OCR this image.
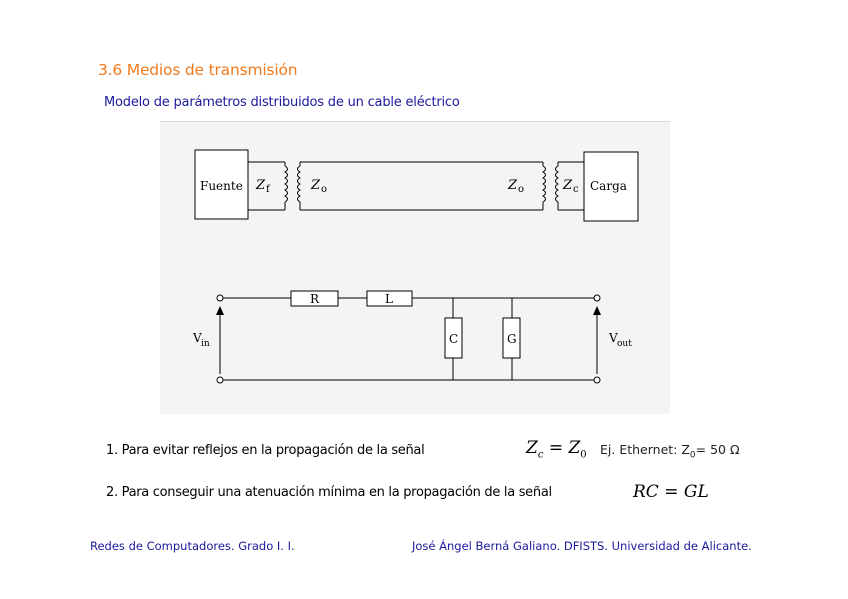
3.6 Medios de transmisión
Modelo de parámetros distribuidos de un cable eléctrico
Fuente Z f	Z o	Z o	Z c Carga
R	L
C	G
V in	V out
1. Para evitar reflejos en la propagación de la señal	$Z_c = Z_0$ Ej. Ethernet: $Z_0= 50$ Ω
2. Para conseguir una atenuación mínima en la propagación de la señal	RC = GL
Redes de Computadores. Grado I. I.	José Ángel Berná Galiano. DFISTS. Universidad de Alicante.
